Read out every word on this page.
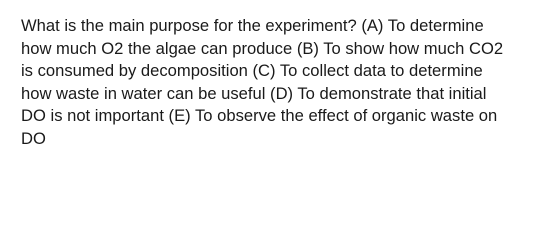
What is the main purpose for the experiment? (A) To determine
how much O2 the algae can produce (B) To show how much CO2
is consumed by decomposition (C) To collect data to determine
how waste in water can be useful (D) To demonstrate that initial
DO is not important (E) To observe the effect of organic waste on
DO
